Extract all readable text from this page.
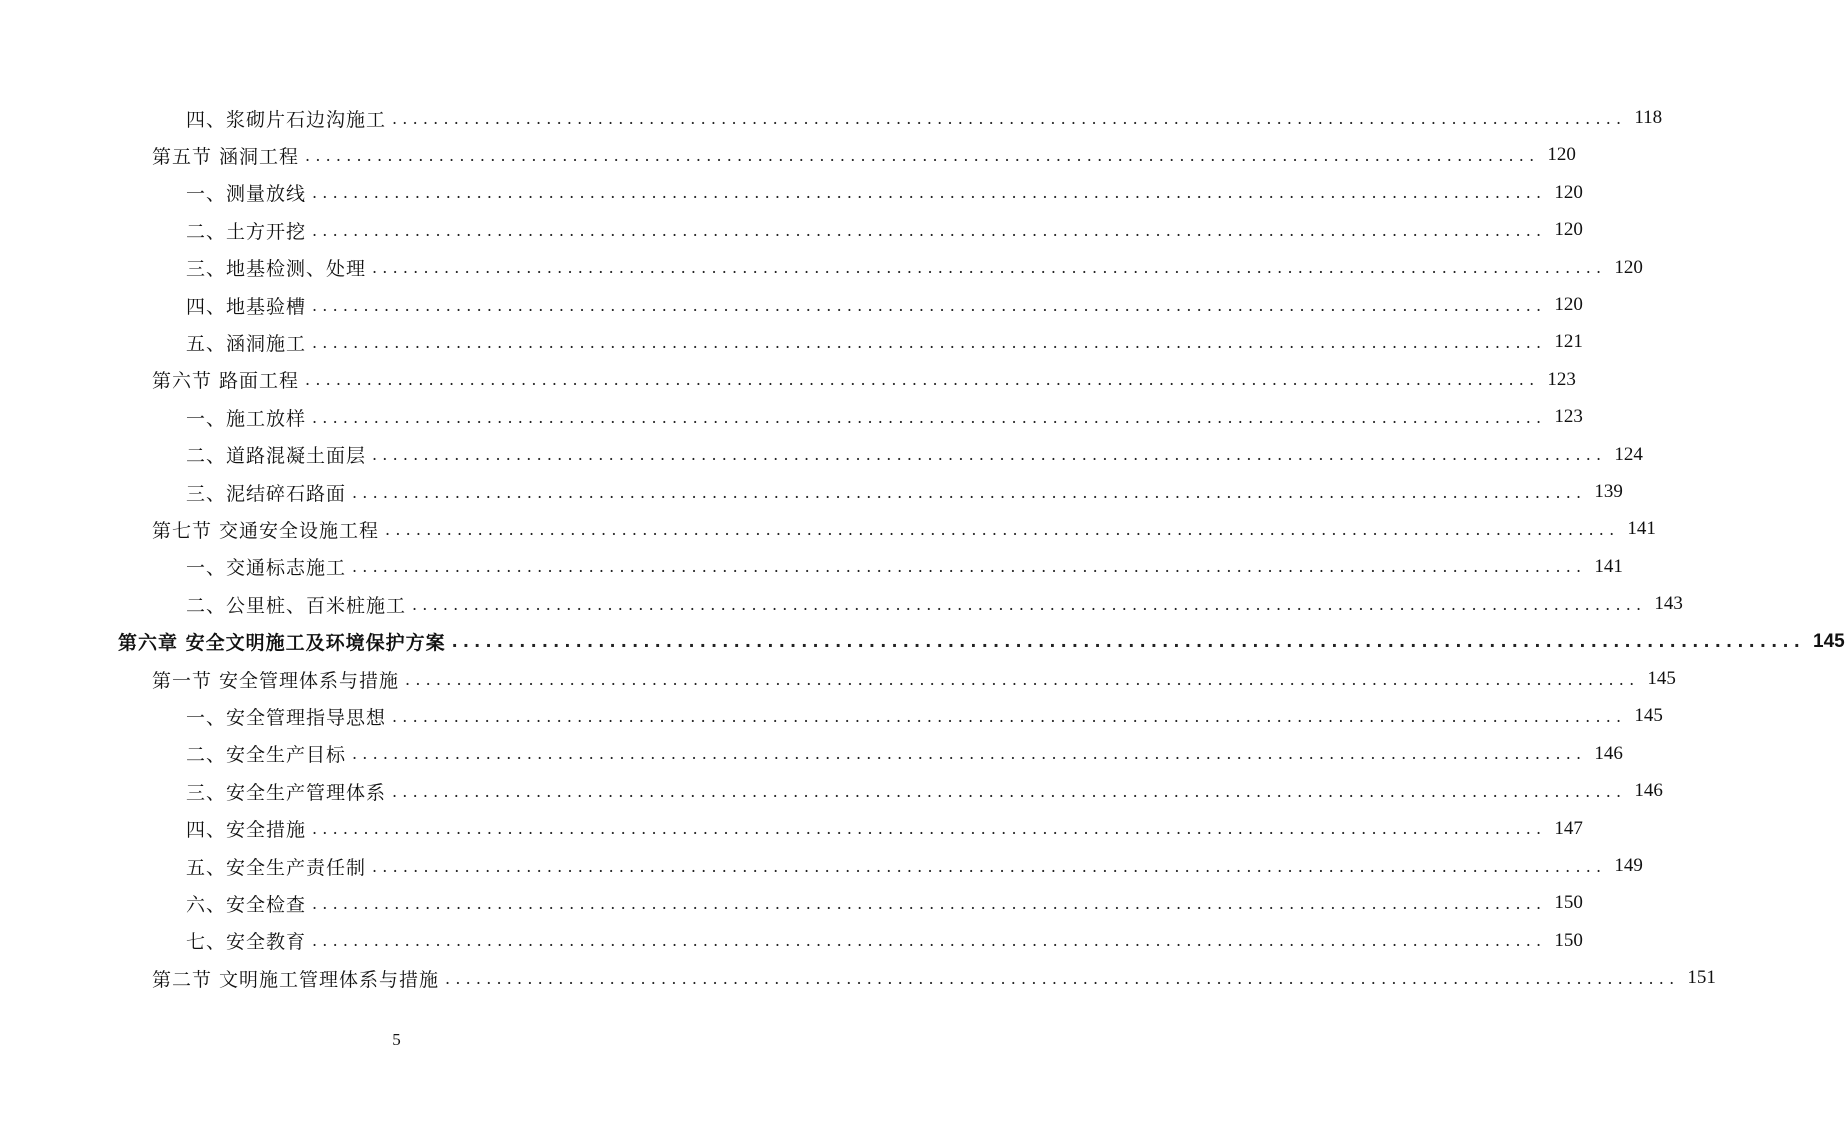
四、浆砌片石边沟施工 ........................................................................................................................ 118
第五节 涵洞工程 ........................................................................................................................ 120
一、测量放线 ........................................................................................................................ 120
二、土方开挖 ........................................................................................................................ 120
三、地基检测、处理 ........................................................................................................................ 120
四、地基验槽 ........................................................................................................................ 120
五、涵洞施工 ........................................................................................................................ 121
第六节 路面工程 ........................................................................................................................ 123
一、施工放样 ........................................................................................................................ 123
二、道路混凝土面层 ........................................................................................................................ 124
三、泥结碎石路面 ........................................................................................................................ 139
第七节 交通安全设施工程 ........................................................................................................................ 141
一、交通标志施工 ........................................................................................................................ 141
二、公里桩、百米桩施工 ........................................................................................................................ 143
第六章 安全文明施工及环境保护方案 ........................................................................................................................ 145
第一节 安全管理体系与措施 ........................................................................................................................ 145
一、安全管理指导思想 ........................................................................................................................ 145
二、安全生产目标 ........................................................................................................................ 146
三、安全生产管理体系 ........................................................................................................................ 146
四、安全措施 ........................................................................................................................ 147
五、安全生产责任制 ........................................................................................................................ 149
六、安全检查 ........................................................................................................................ 150
七、安全教育 ........................................................................................................................ 150
第二节 文明施工管理体系与措施 ........................................................................................................................ 151
5
